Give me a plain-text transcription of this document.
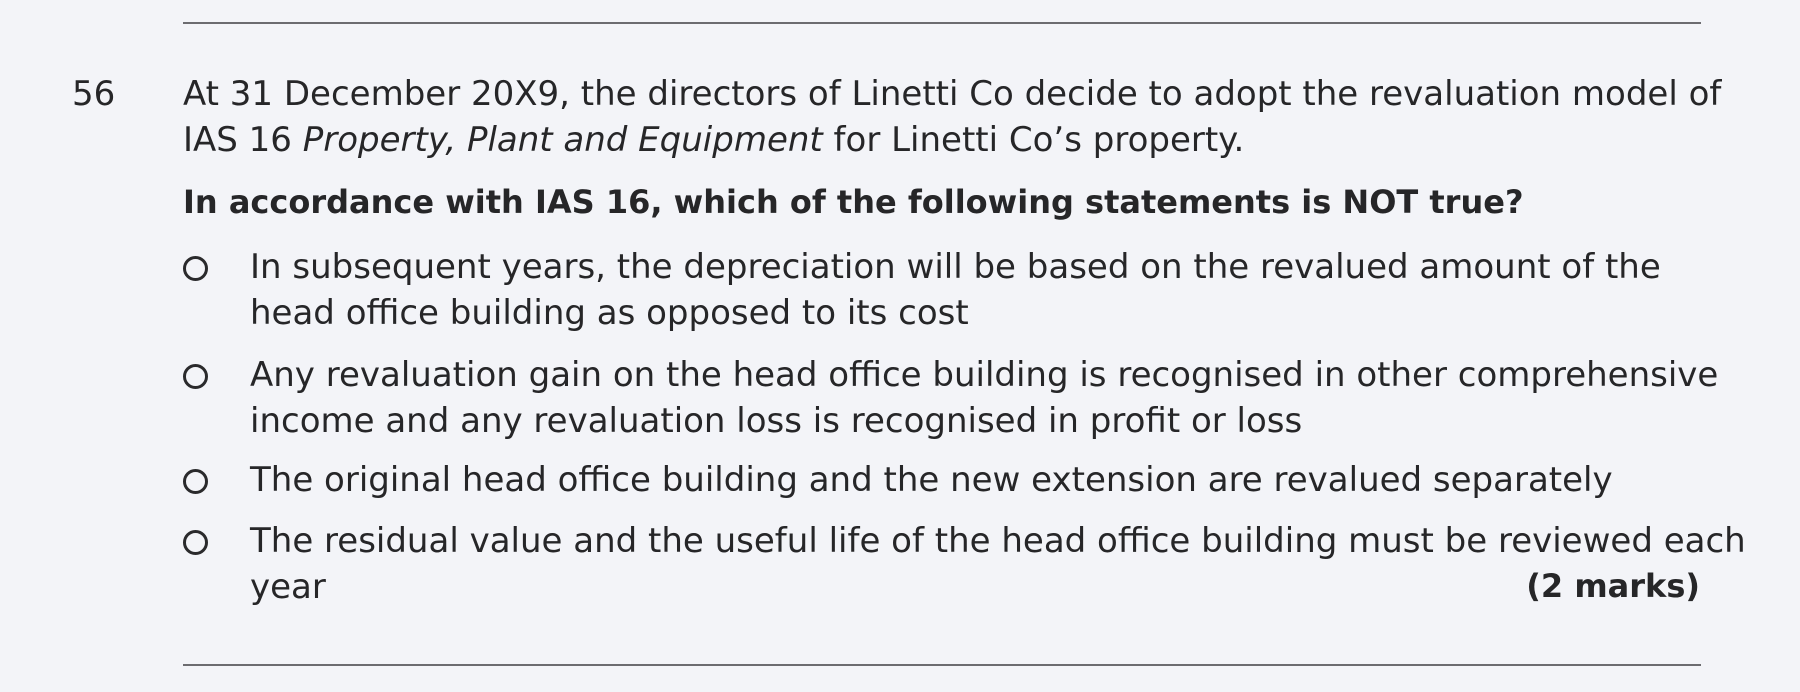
56 At 31 December 20X9, the directors of Linetti Co decide to adopt the revaluation model of
IAS 16 Property, Plant and Equipment for Linetti Co’s property.
In accordance with IAS 16, which of the following statements is NOT true?
In subsequent years, the depreciation will be based on the revalued amount of the
head office building as opposed to its cost
Any revaluation gain on the head office building is recognised in other comprehensive
income and any revaluation loss is recognised in profit or loss
The original head office building and the new extension are revalued separately
The residual value and the useful life of the head office building must be reviewed each
year	(2 marks)
